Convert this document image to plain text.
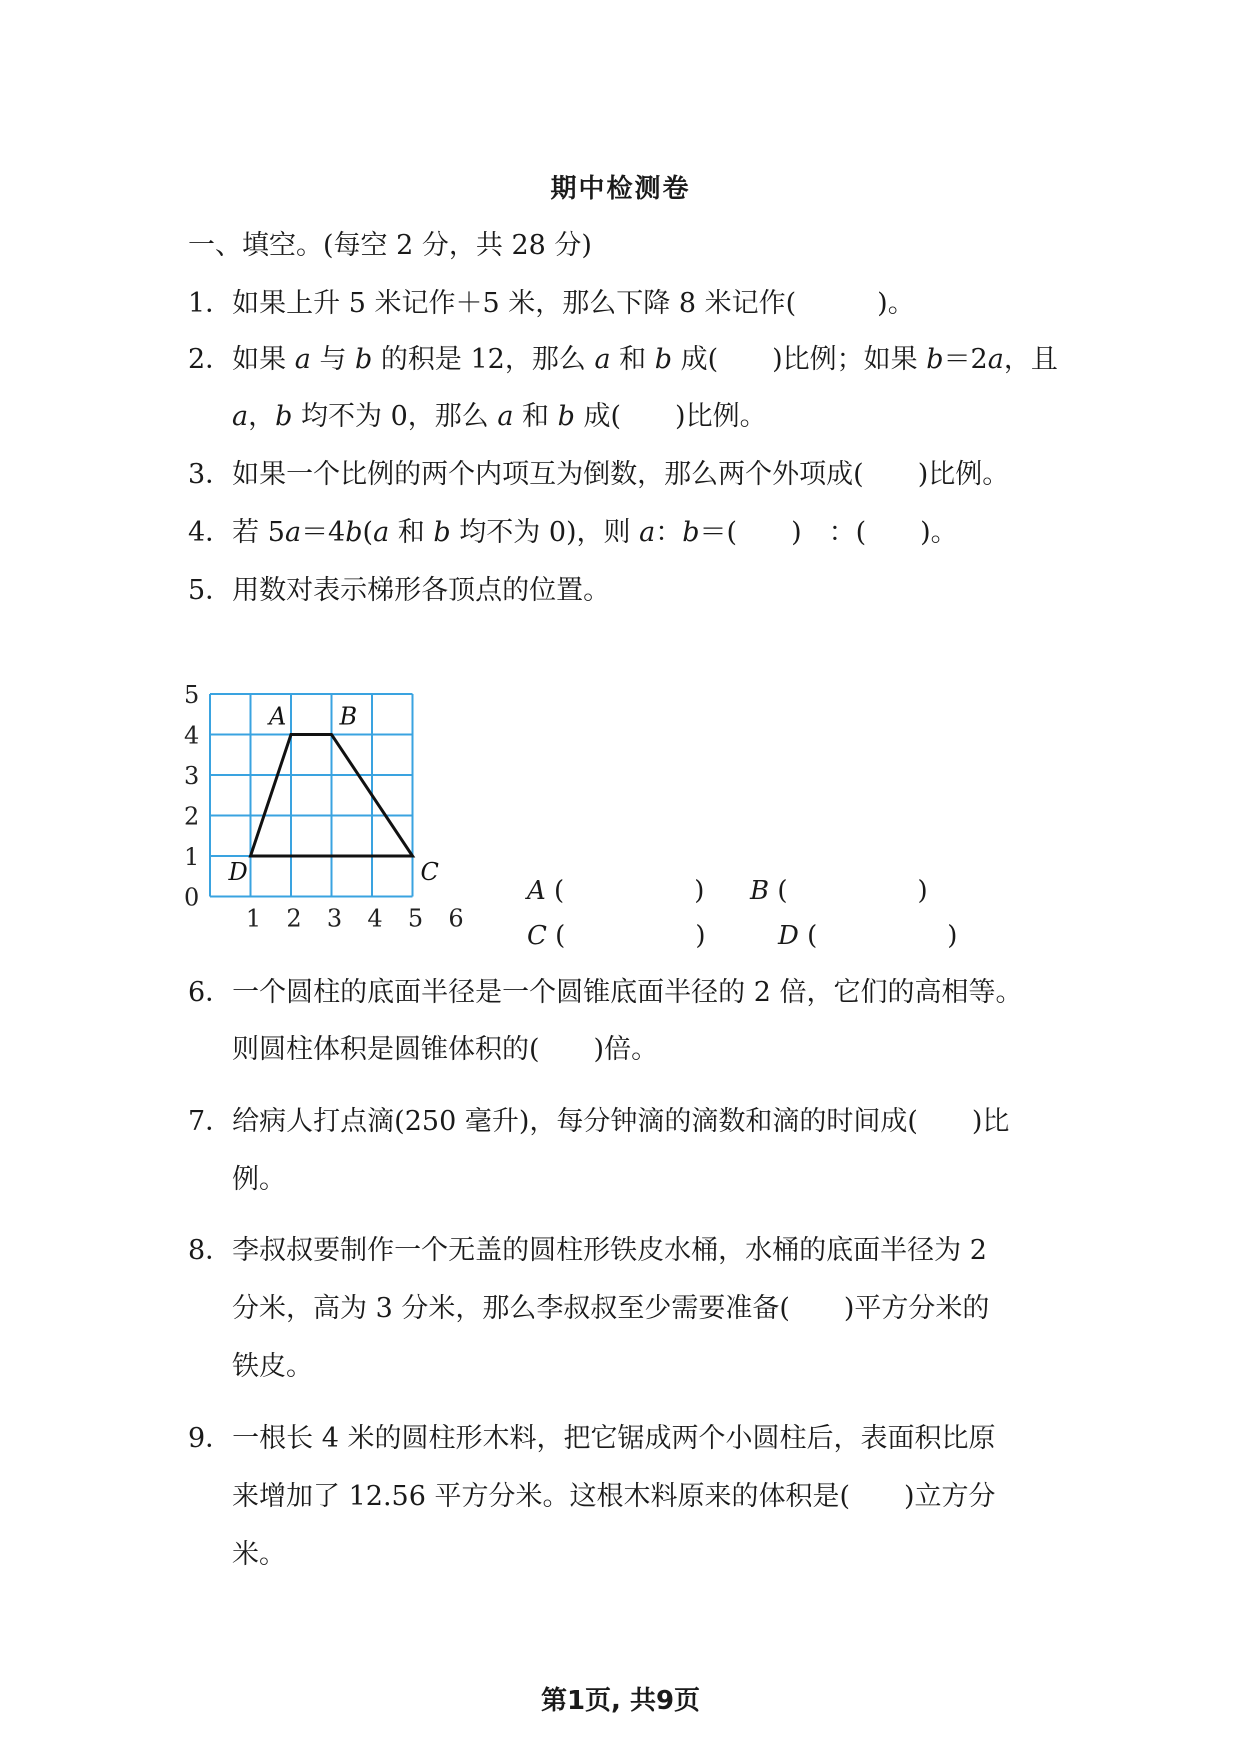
期中检测卷
一、填空。(每空 2 分，共 28 分)
1．如果上升 5 米记作＋5 米，那么下降 8 米记作(　　　)。
2．如果 a 与 b 的积是 12，那么 a 和 b 成(　　)比例；如果 b＝2a，且
a，b 均不为 0，那么 a 和 b 成(　　)比例。
3．如果一个比例的两个内项互为倒数，那么两个外项成(　　)比例。
4．若 5a＝4b(a 和 b 均不为 0)，则 a：b＝(　　)　：(　　)。
5．用数对表示梯形各顶点的位置。
0
1
2
3
4
5
1 2 3 4 5 6
A B
C
D
A (　　　　　) B (　　　　　)
C (　　　　　)	D (　　　　　)
6．一个圆柱的底面半径是一个圆锥底面半径的 2 倍，它们的高相等。
则圆柱体积是圆锥体积的(　　)倍。
7．给病人打点滴(250 毫升)，每分钟滴的滴数和滴的时间成(　　)比
例。
8．李叔叔要制作一个无盖的圆柱形铁皮水桶，水桶的底面半径为 2
分米，高为 3 分米，那么李叔叔至少需要准备(　　)平方分米的
铁皮。
9．一根长 4 米的圆柱形木料，把它锯成两个小圆柱后，表面积比原
来增加了 12.56 平方分米。这根木料原来的体积是(　　)立方分
米。
第1页, 共9页
